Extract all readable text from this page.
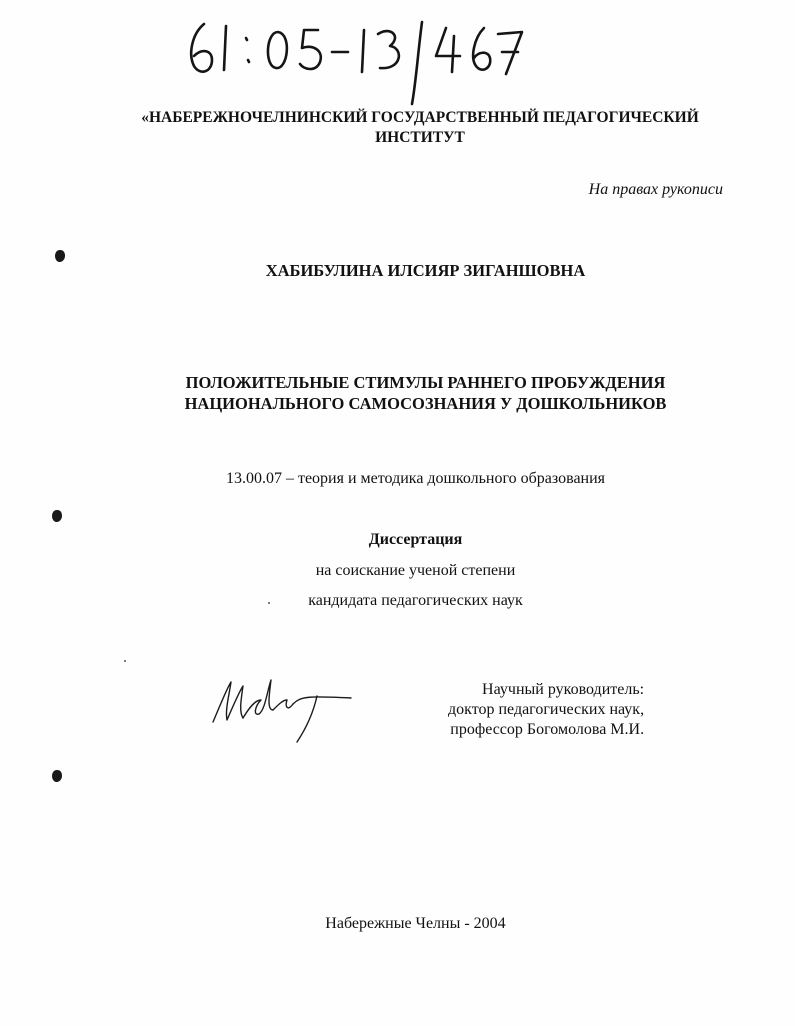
«НАБЕРЕЖНОЧЕЛНИНСКИЙ ГОСУДАРСТВЕННЫЙ ПЕДАГОГИЧЕСКИЙ
ИНСТИТУТ
На правах рукописи
ХАБИБУЛИНА ИЛСИЯР ЗИГАНШОВНА
ПОЛОЖИТЕЛЬНЫЕ СТИМУЛЫ РАННЕГО ПРОБУЖДЕНИЯ
НАЦИОНАЛЬНОГО САМОСОЗНАНИЯ У ДОШКОЛЬНИКОВ
13.00.07 – теория и методика дошкольного образования
Диссертация
на соискание ученой степени
кандидата педагогических наук
Научный руководитель:
доктор педагогических наук,
профессор Богомолова М.И.
Набережные Челны - 2004
